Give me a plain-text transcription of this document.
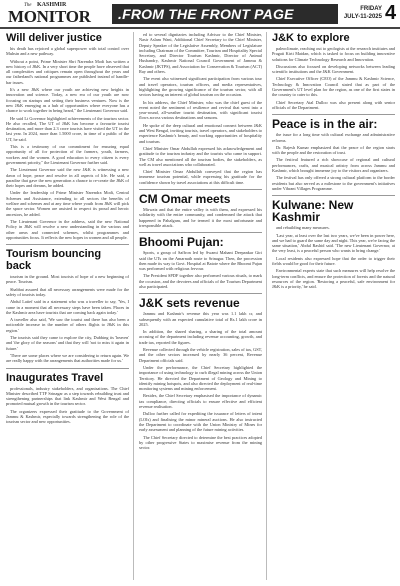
The KASHMIR
MONITOR .FROM THE FRONT PAGE	FRIDAY
JULY-11-2025 4
Will deliver justice

his death has rejoiced a global superpower with total control over Muhsin and a new pathway.

Without a point, Prime Minister Shri Narendra Modi has written a new history of J&K. In a very short time the people have observed that all complexities and critiques remain open throughout the years and our fatherland's national programmes are published instead of handle-bar issues.

It's a new J&K where our youth are achieving new heights in innovation and science. Today, a new era of our youth are now focusing on startups and setting their business ventures. Now is the new J&K emerging as a hub of opportunities where everyone has a chance to work together in being heard," the Lieutenant Governor said.

He said Lt Governor highlighted achievements of the tourism sector. He also recalled, The UT of J&K has become a favourite tourist destination, and more than 2.3 crore tourists have visited the UT in the last year. In 2024, more than 1.5000 crore, in time of a public of the UT, he said.

This is a testimony of our commitment for ensuring equal opportunity of all for protection of the farmers, youth, farmers, workers and the women. A good education to every citizen is every government priority," the Lieutenant Governor further said.

The Lieutenant Governor said the new J&K is witnessing a new dawn of hope, peace and resolve in all aspects of life. He said, a paradise that gave the new generation a chance to re-create the J&K of their hopes and dreams, he added.

Under the leadership of Prime Minister Narendra Modi, Central Schemes and Assistance, extending to all sectors the benefits of welfare and schemes and at any time where youth from J&K will pick the space sector. Women are assisted to respect its proud and heroic ancestors, he added.

The Lieutenant Governor in the address, said the new National Policy in J&K will resolve a new understanding in the various and other areas and connected schemes, whilst programmes and opportunities focus. It reflects the new hopes in women and all people.

Tourism bouncing back

tourism in the ground. Most tourists of hope of a new beginning of peace. Tourism.

Shabbat assured that all necessary arrangements were made for the safety of tourists today.

Abdul Latief said in a statement who was a traveller to say, 'Yes, I came in a moment that all necessary steps have been taken. Places in the Kashmir area have tourists that are coming back again today.'

A traveller also said, 'We saw the tourist and there has also been a noticeable increase in the number of others flights to J&K in this region.'

The tourists said they came to explore the city, Dubbing its 'heaven' and 'the glory of the seasons' and that they will 'not to miss it again in future.'

'There are some places where we are considering to return again. We are really happy with the arrangements that authorities made for us.'

Inaugurates Travel

professionals, industry stakeholders, and organisations. The Chief Minister described TTF Srinagar as a step towards rebuilding trust and strengthening partnerships that link Kashmir and West Bengal and promoted mutual growth in the tourism sector.

The organizers expressed their gratitude to the Government of Jammu & Kashmir, especially towards strengthening the role of the tourism sector and new opportunities.

ed to several dignitaries including Advisor to the Chief Minister, Nasir Aslam Wani, Additional Chief Secretary to the Chief Minister, Deputy Speaker of the Legislative Assembly, Members of Legislature including Chairman of the Committee, Tourism and Hospitality Special Secretary, and Director Tourism Kashmir, Director of Animal Husbandry, Kashmir National Council Government of Jammu & Kashmir (JKTPS), and Association for Conservation & Tourism (ACT) Ray and others.

The event also witnessed significant participation from various tour and travel operators, tourism officers, and media representatives, highlighting the growing significance of the tourism sector, with all sectors having an interest of global tourism on the occasion.

In his address, the Chief Minister, who was the chief guest of the event noted the sentiment of resilience and revival that went into a year-round, all-weather tourist destination, with significant tourist flows across various destinations and seasons.

He spoke of the deep cultural and emotional connect between J&K and West Bengal, inviting tourists, travel operators, and stakeholders to experience Kashmir's beauty, and working opportunities of hospitality and tourism.

Chief Minister Omar Abdullah expressed his acknowledgement and gratitude to the tourism industry and the tourists who came in support. The CM also mentioned all the tourism bodies, the stakeholders, as well as travel associations who collaborated.

Chief Minister Omar Abdullah conveyed that the region has immense tourism potential, while expressing his gratitude for the confidence shown by travel associations at this difficult time.

CM Omar meets

Mirwaiz and that the entire valley is with them, and expressed his solidarity with the entire community, and condemned the attack that happened in Pahalgam, and he termed it the most unfortunate and irresponsible attack.

Bhoomi Pujan:

Sports, a group of Saffron led by Swami Mahant Deepankar Giri said the UTs on the Amarnath route to Srinagar. Then, the procession then made its way to Govt. Hospital at Batote where the Bhoomi Pujan was performed with religious fervour.

The President SPDF together also performed various rituals, to mark the occasion, and the devotees and officials of the Tourism Department also participated.

J&K sets revenue

Jammu and Kashmir's revenue this year was 1.1 lakh cr, and subsequently with an expected cumulative total of Rs.1 lakh crore in 2025.

In addition, the shared sharing, a sharing of the total amount accruing of the department including revenue accounting, growth, and trade tax, reported the figures.

Revenue collected through the vehicle registration, sales of tax, GST, and the other sectors increased by nearly 36 percent, Revenue Department officials said.

Under the performance, the Chief Secretary highlighted the importance of using technology to curb illegal mining across the Union Territory. He directed the Department of Geology and Mining to identify mining hotspots, and also directed the deployment of real-time monitoring systems and mining enforcement.

Besides, the Chief Secretary emphasised the importance of dynamic tax compliance, directing officials to ensure effective and efficient revenue realisation.

Dulloo further called for expediting the issuance of letters of intent (LOIs) and finalising the minor mineral auctions. He also instructed the Department to coordinate with the Union Ministry of Mines for early assessment and planning of the future mining activities.

The Chief Secretary directed to determine the best practices adopted by other progressive States to maximise revenue from the mining sector.

J&K to explore

paleoclimate, reaching out to geologists at the research institutes and Pragati Kirti Maidan, which is tasked to focus on building innovative solutions for Climate Technology Research and Innovation.

Discussions also focused on developing networks between leading scientific institutions and the J&K Government.

Chief Executive Officer (CEO) of the Jammu & Kashmir Science, Technology & Innovation Council stated that as part of the Government's UT level plan for the region, as one of the first states in the country to cater to this.

Chief Secretary Atal Dulloo was also present along with senior officials of the Department.

Peace is in the air:

the issue for a long time with cultural exchange and administrative reforms.

Dr. Rajesh Kumar emphasized that the peace of the region starts with the people and the restoration of trust.

The festival featured a rich showcase of regional and cultural performances, crafts, and musical artistry from across Jammu and Kashmir, which brought immense joy to the visitors and organizers.

The festival has only offered a strong cultural platform to the border residents but also served as a milestone to the government's initiatives under Vibrant Villages Programme.

Kulwane: New Kashmir

and rebuilding many measures.

'Last year, at least over the last two years, we've been in power here, and we had to guard the same day and night. This year, we're facing the same situation,' Abdul Rashid said. 'The new Lieutenant Governor, at the very least, is a peaceful person who wants to bring change.'

Local residents also expressed hope that the order to trigger their fields would be good for their future.

Environmental experts state that such measures will help resolve the long-term conflicts, and ensure the protection of forests and the natural resources of the region. 'Restoring a peaceful, safe environment for J&K is a priority,' he said.
